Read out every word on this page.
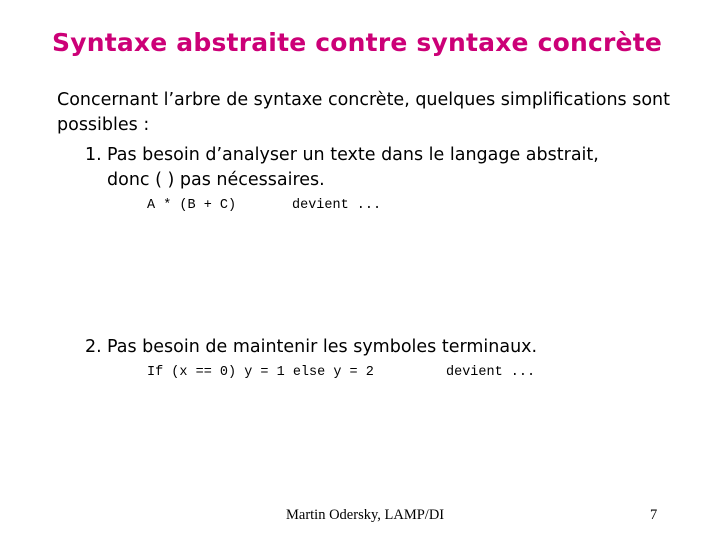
Syntaxe abstraite contre syntaxe concrète
Concernant l’arbre de syntaxe concrète, quelques simplifications sont possibles :
1. Pas besoin d’analyser un texte dans le langage abstrait,
donc ( ) pas nécessaires.
A * (B + C)	devient ...
2. Pas besoin de maintenir les symboles terminaux.
If (x == 0) y = 1 else y = 2	devient ...
Martin Odersky, LAMP/DI	7
